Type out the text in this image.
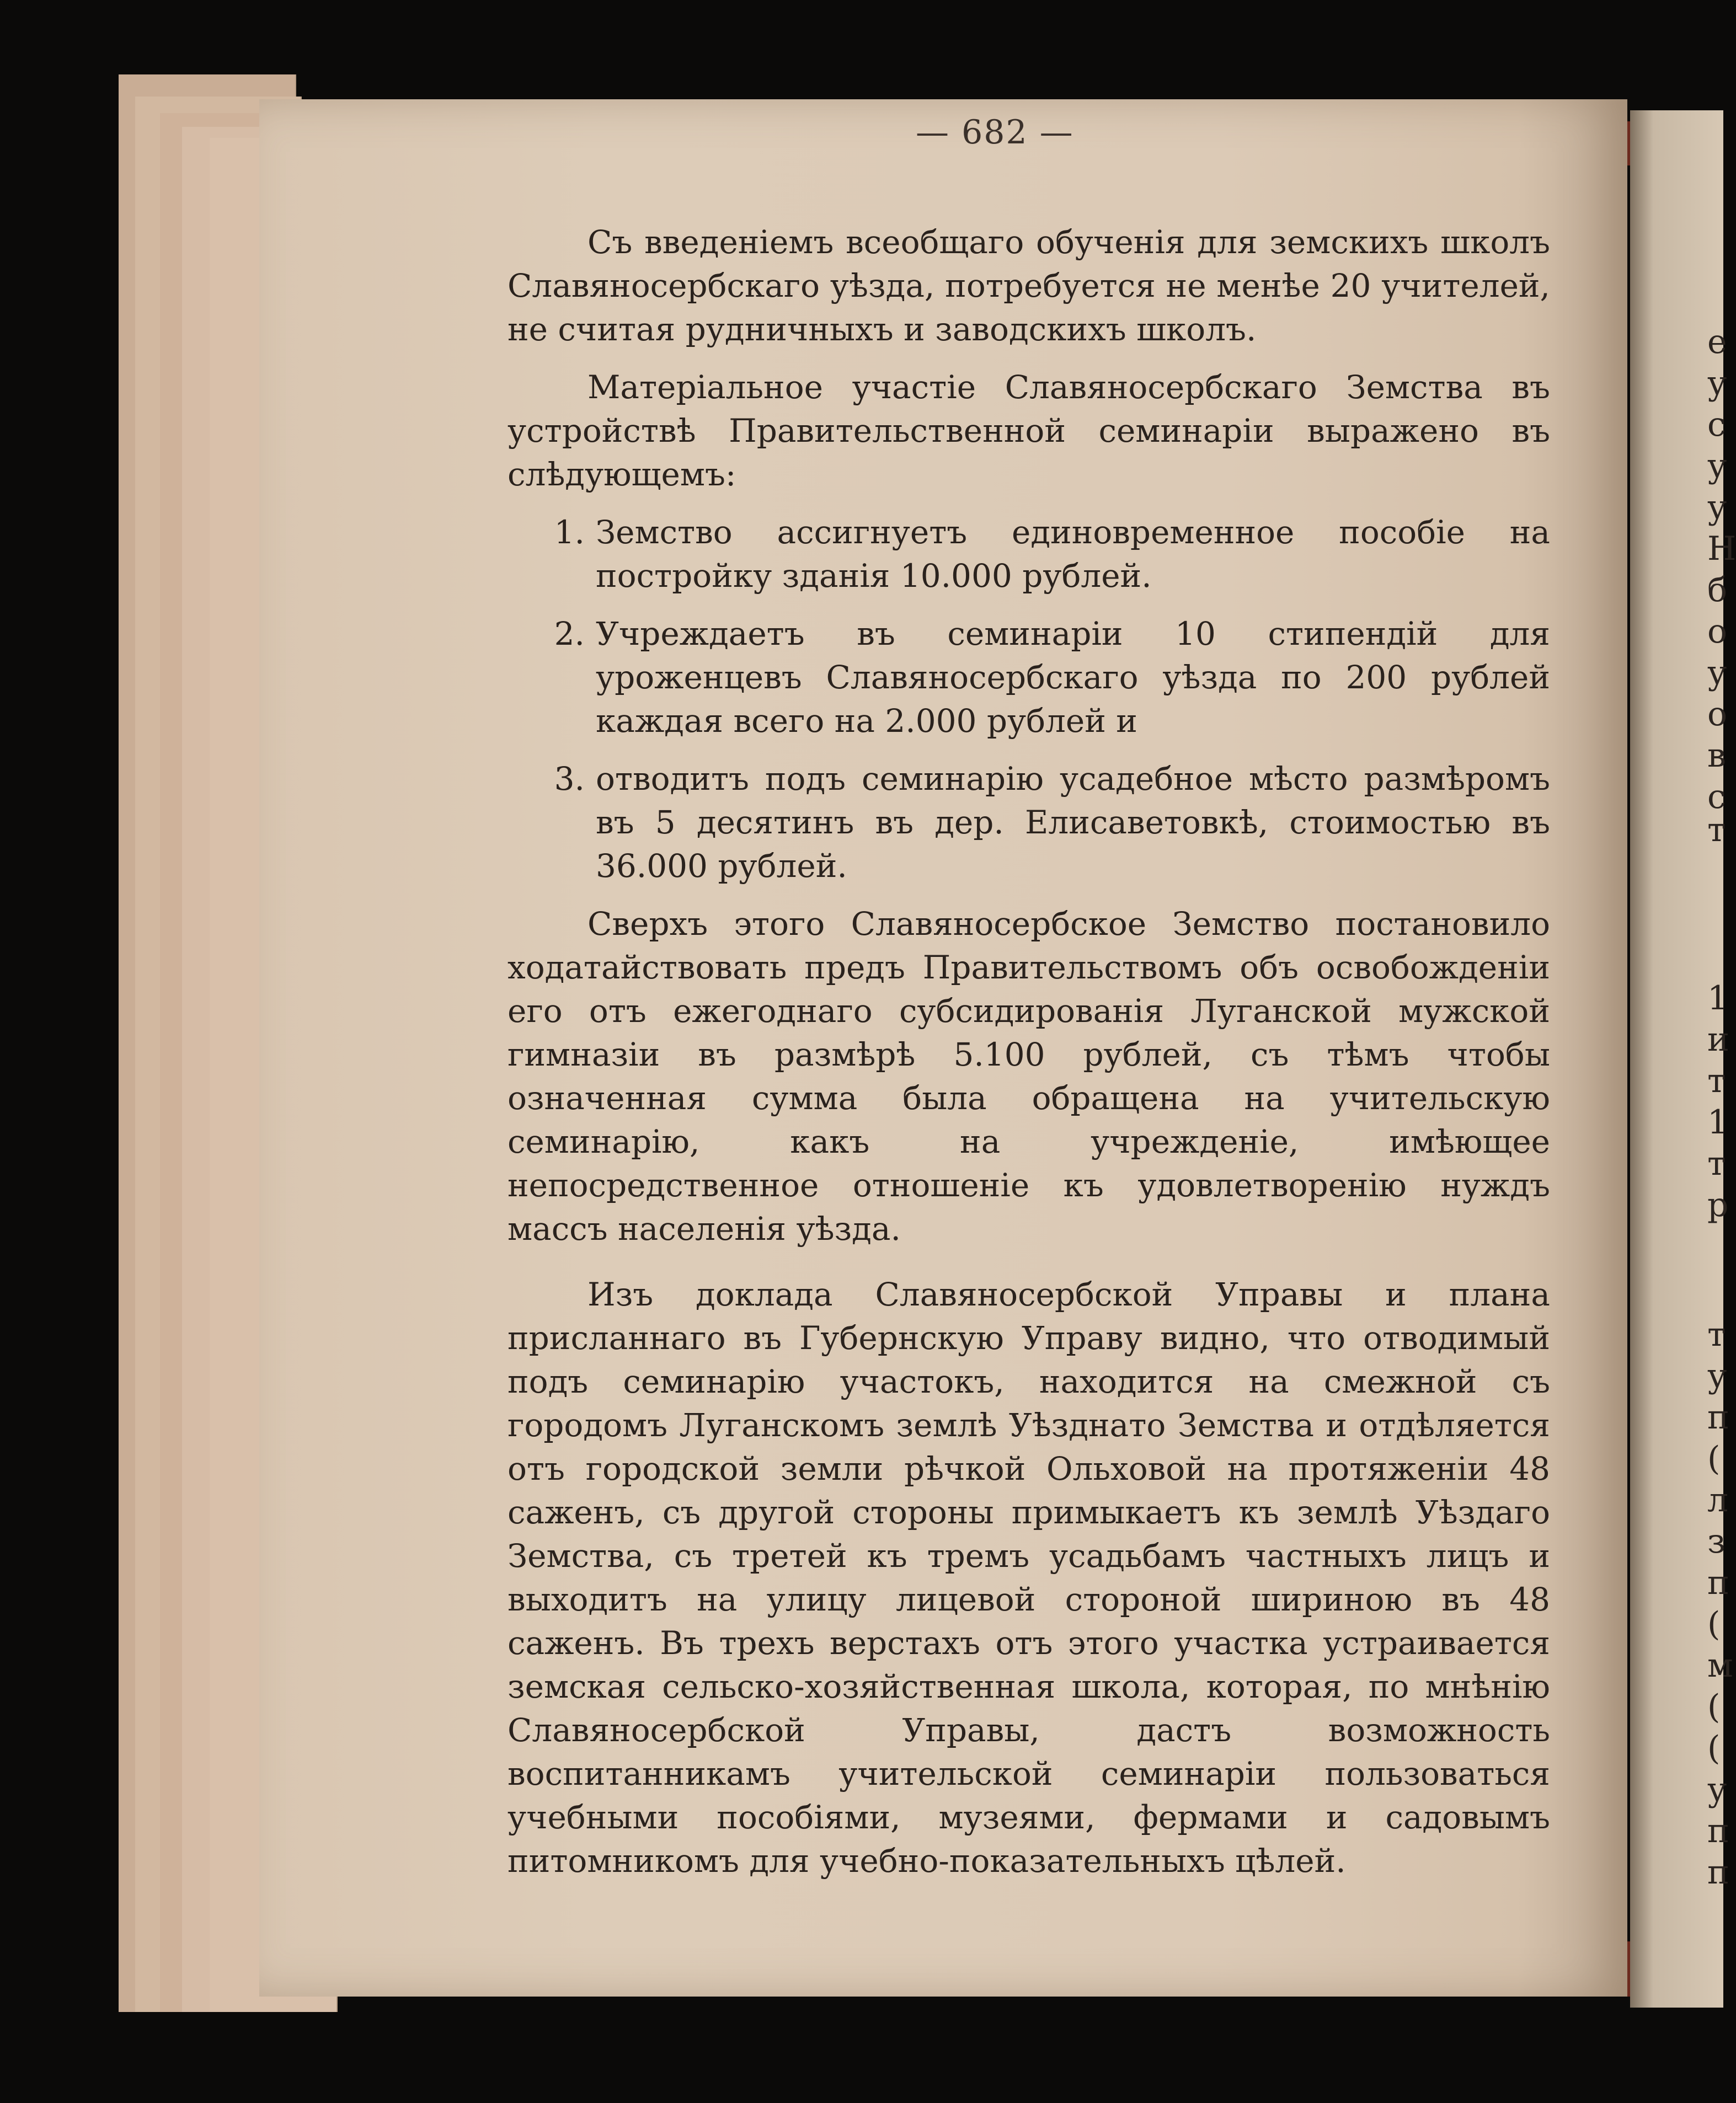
е
у
с
у
у
Н
б
о
у
о
в
с
т
1
и
т
1
т
р
т
у
п
(
л
з
п
(
м
(
(
у
п
п
— 682 —

Съ введеніемъ всеобщаго обученія для земскихъ школъ Славяносербскаго уѣзда, потребуется не менѣе 20 учителей, не считая рудничныхъ и заводскихъ школъ.

Матеріальное участіе Славяносербскаго Земства въ устройствѣ Правительственной семинаріи выражено въ слѣдующемъ:

1. Земство ассигнуетъ единовременное пособіе на постройку зданія 10.000 рублей.
2. Учреждаетъ въ семинаріи 10 стипендій для уроженцевъ Славяносербскаго уѣзда по 200 рублей каждая всего на 2.000 рублей и
3. отводитъ подъ семинарію усадебное мѣсто размѣромъ въ 5 десятинъ въ дер. Елисаветовкѣ, стоимостью въ 36.000 рублей.

Сверхъ этого Славяносербское Земство постановило ходатайствовать предъ Правительствомъ объ освобожденіи его отъ ежегоднаго субсидированія Луганской мужской гимназіи въ размѣрѣ 5.100 рублей, съ тѣмъ чтобы означенная сумма была обращена на учительскую семинарію, какъ на учрежденіе, имѣющее непосредственное отношеніе къ удовлетворенію нуждъ массъ населенія уѣзда.

Изъ доклада Славяносербской Управы и плана присланнаго въ Губернскую Управу видно, что отводимый подъ семинарію участокъ, находится на смежной съ городомъ Луганскомъ землѣ Уѣзднато Земства и отдѣляется отъ городской земли рѣчкой Ольховой на протяженіи 48 саженъ, съ другой стороны примыкаетъ къ землѣ Уѣздаго Земства, съ третей къ тремъ усадьбамъ частныхъ лицъ и выходитъ на улицу лицевой стороной шириною въ 48 саженъ. Въ трехъ верстахъ отъ этого участка устраивается земская сельско-хозяйственная школа, которая, по мнѣнію Славяносербской Управы, дастъ возможность воспитанникамъ учительской семинаріи пользоваться учебными пособіями, музеями, фермами и садовымъ питомникомъ для учебно-показательныхъ цѣлей.
